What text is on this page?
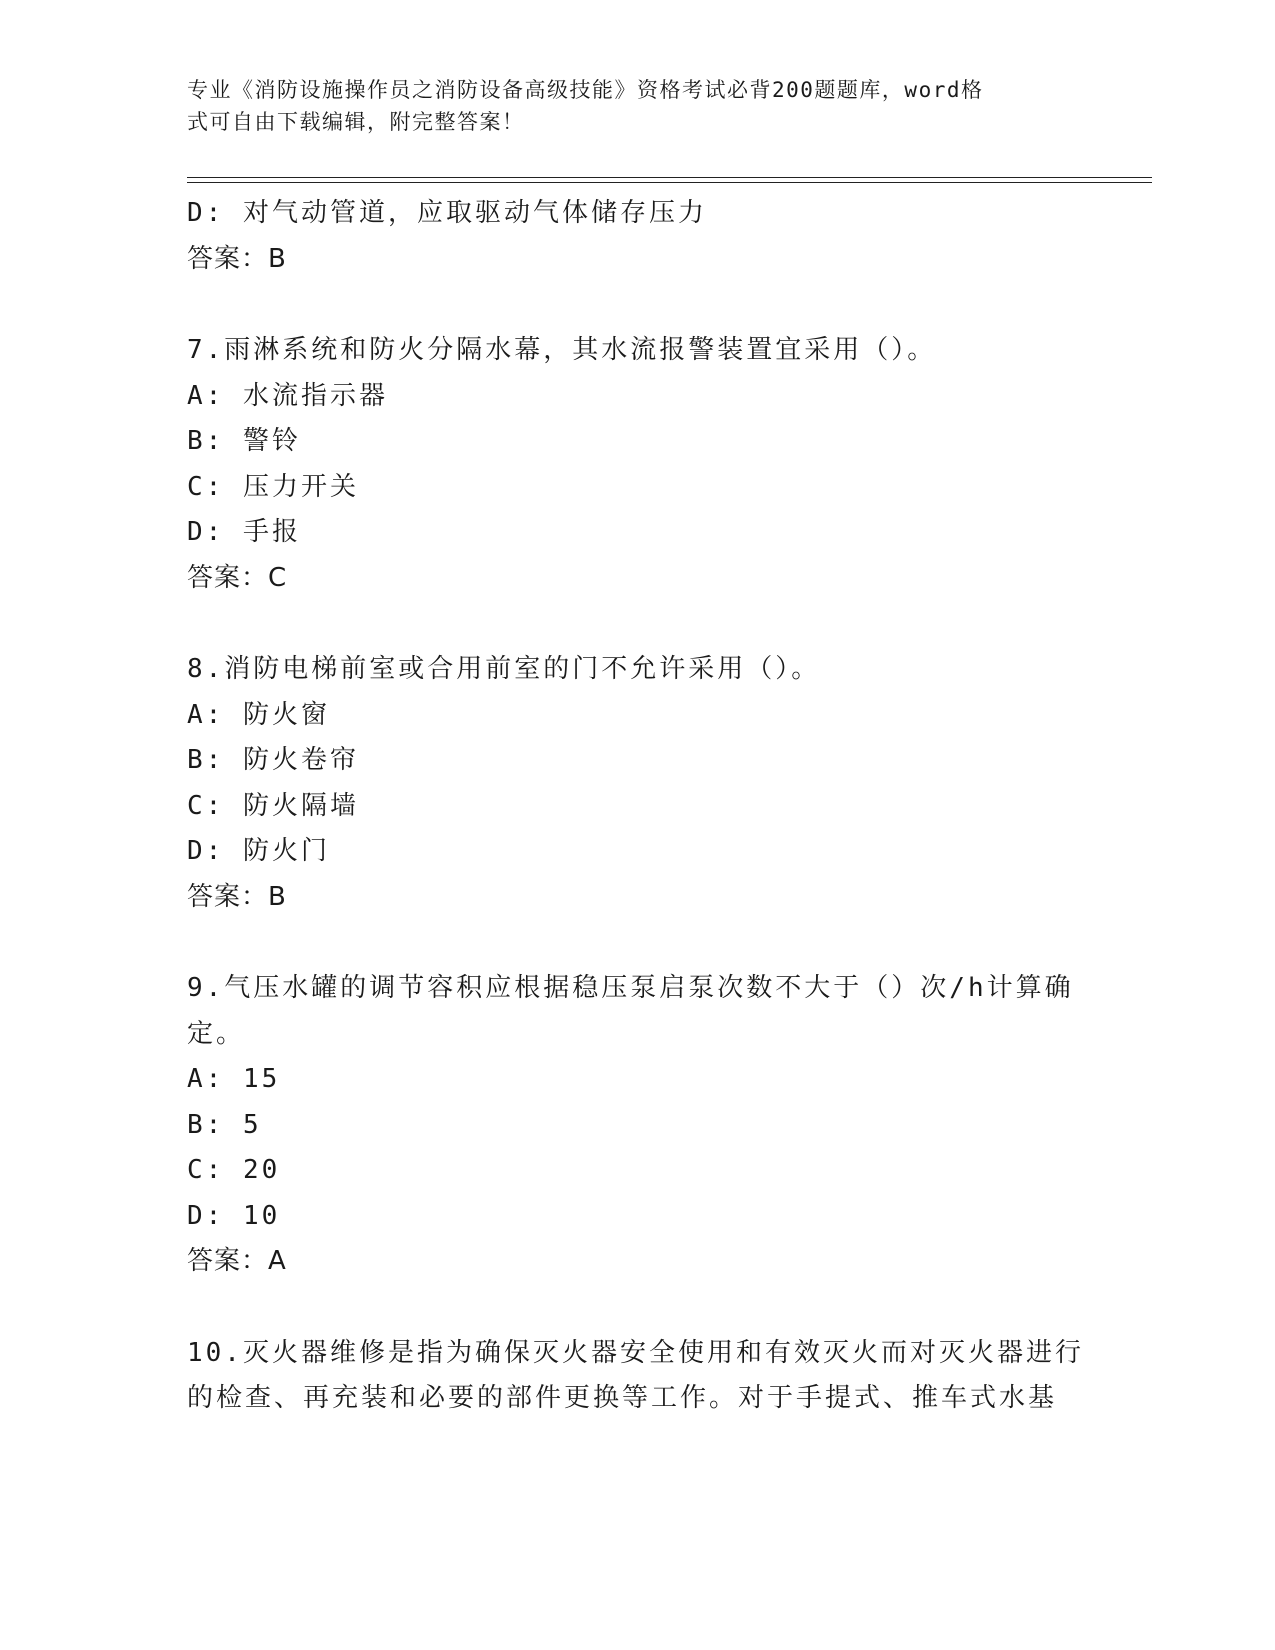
专业《消防设施操作员之消防设备高级技能》资格考试必背200题题库，word格
式可自由下载编辑，附完整答案！
D: 对气动管道，应取驱动气体储存压力
答案：B
7.雨淋系统和防火分隔水幕，其水流报警装置宜采用（）。
A: 水流指示器
B: 警铃
C: 压力开关
D: 手报
答案：C
8.消防电梯前室或合用前室的门不允许采用（）。
A: 防火窗
B: 防火卷帘
C: 防火隔墙
D: 防火门
答案：B
9.气压水罐的调节容积应根据稳压泵启泵次数不大于（）次/h计算确
定。
A: 15
B: 5
C: 20
D: 10
答案：A
10.灭火器维修是指为确保灭火器安全使用和有效灭火而对灭火器进行
的检查、再充装和必要的部件更换等工作。对于手提式、推车式水基
